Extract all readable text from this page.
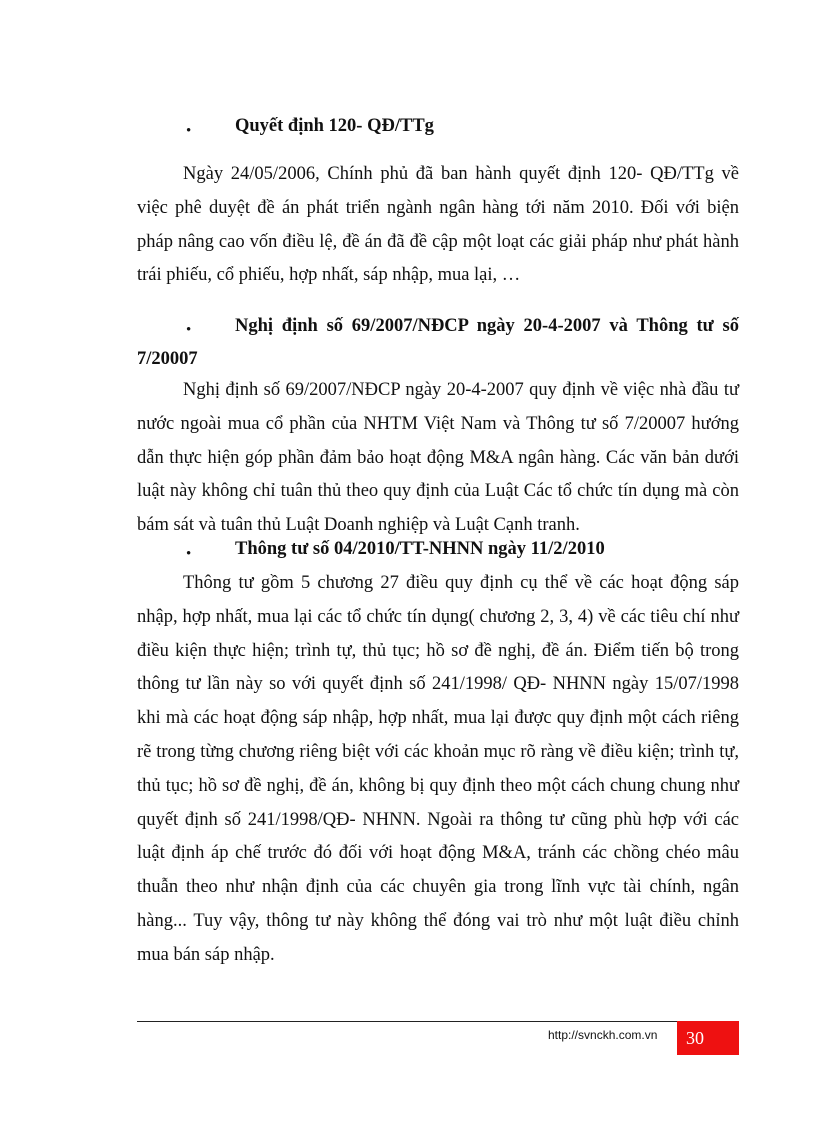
• Quyết định 120- QĐ/TTg

Ngày 24/05/2006, Chính phủ đã ban hành quyết định 120- QĐ/TTg về việc phê duyệt đề án phát triển ngành ngân hàng tới năm 2010. Đối với biện pháp nâng cao vốn điều lệ, đề án đã đề cập một loạt các giải pháp như phát hành trái phiếu, cổ phiếu, hợp nhất, sáp nhập, mua lại, …

•	Nghị định số 69/2007/NĐCP ngày 20-4-2007 và Thông tư số 7/20007

Nghị định số 69/2007/NĐCP ngày 20-4-2007 quy định về việc nhà đầu tư nước ngoài mua cổ phần của NHTM Việt Nam và Thông tư số 7/20007 hướng dẫn thực hiện góp phần đảm bảo hoạt động M&A ngân hàng. Các văn bản dưới luật này không chỉ tuân thủ theo quy định của Luật Các tổ chức tín dụng mà còn bám sát và tuân thủ Luật Doanh nghiệp và Luật Cạnh tranh.

• Thông tư số 04/2010/TT-NHNN ngày 11/2/2010

Thông tư gồm 5 chương 27 điều quy định cụ thể về các hoạt động sáp nhập, hợp nhất, mua lại các tổ chức tín dụng( chương 2, 3, 4) về các tiêu chí như điều kiện thực hiện; trình tự, thủ tục; hồ sơ đề nghị, đề án. Điểm tiến bộ trong thông tư lần này so với quyết định số 241/1998/ QĐ- NHNN ngày 15/07/1998 khi mà các hoạt động sáp nhập, hợp nhất, mua lại được quy định một cách riêng rẽ trong từng chương riêng biệt với các khoản mục rõ ràng về điều kiện; trình tự, thủ tục; hồ sơ đề nghị, đề án, không bị quy định theo một cách chung chung như quyết định số 241/1998/QĐ- NHNN. Ngoài ra thông tư cũng phù hợp với các luật định áp chế trước đó đối với hoạt động M&A, tránh các chồng chéo mâu thuẫn theo như nhận định của các chuyên gia trong lĩnh vực tài chính, ngân hàng... Tuy vậy, thông tư này không thể đóng vai trò như một luật điều chỉnh mua bán sáp nhập.

http://svnckh.com.vn	30
